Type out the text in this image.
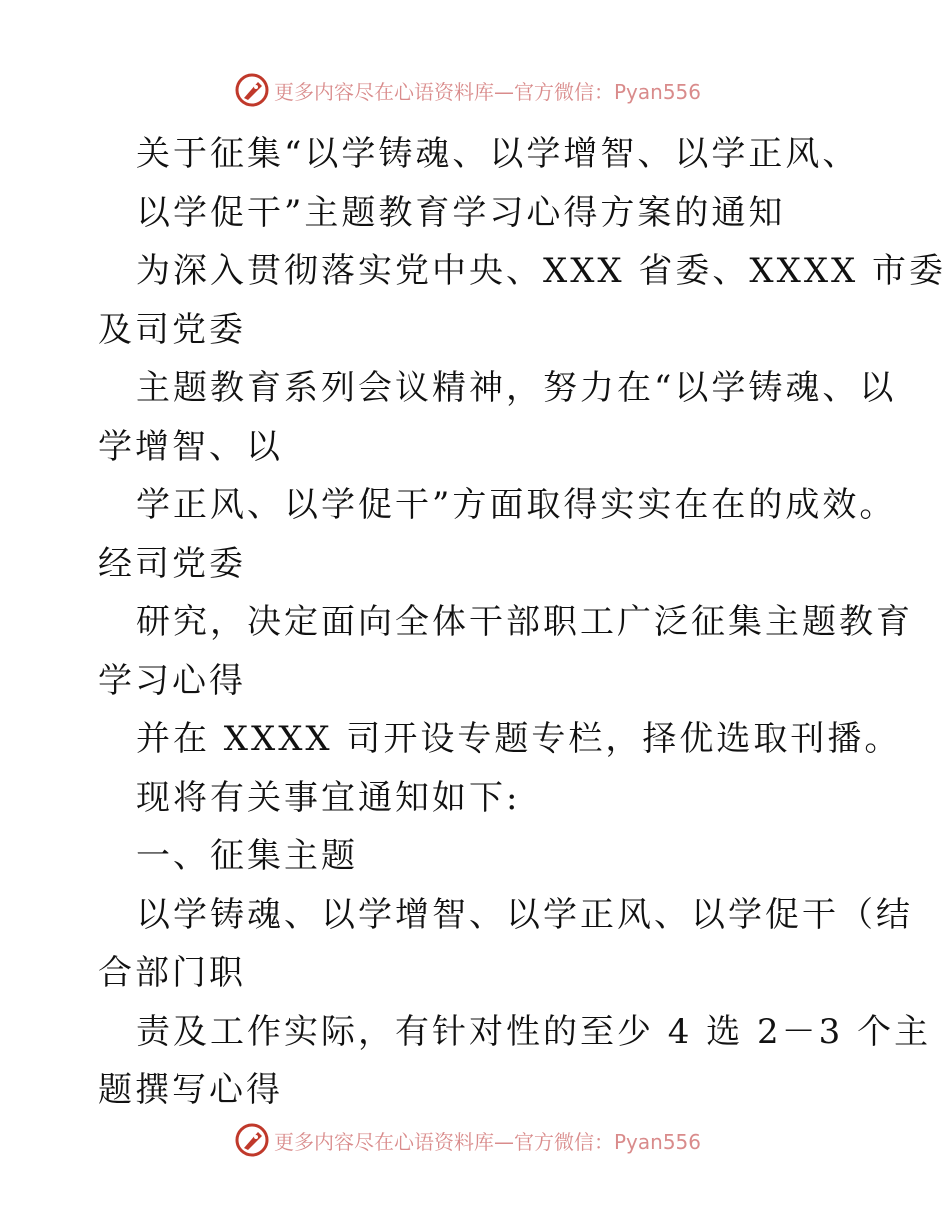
更多内容尽在心语资料库—官方微信：Pyan556
关于征集“以学铸魂、以学增智、以学正风、
以学促干”主题教育学习心得方案的通知
为深入贯彻落实党中央、XXX 省委、XXXX 市委
及司党委
主题教育系列会议精神，努力在“以学铸魂、以
学增智、以
学正风、以学促干”方面取得实实在在的成效。
经司党委
研究，决定面向全体干部职工广泛征集主题教育
学习心得
并在 XXXX 司开设专题专栏，择优选取刊播。
现将有关事宜通知如下:
一、征集主题
以学铸魂、以学增智、以学正风、以学促干（结
合部门职
责及工作实际，有针对性的至少 4 选 2－3 个主
题撰写心得
更多内容尽在心语资料库—官方微信：Pyan556
